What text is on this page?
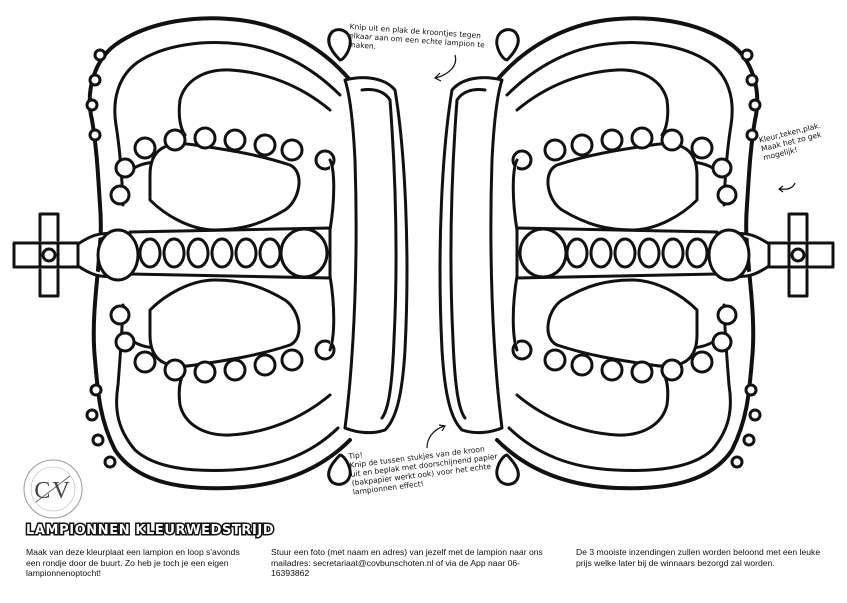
Knip uit en plak de kroontjes tegen
elkaar aan om een echte lampion te
maken.
Kleur,teken,plak.
Maak het zo gek
mogelijk!
Tip!
Knip de tussen stukjes van de kroon
uit en beplak met doorschijnend papier
(bakpapier werkt ook) voor het echte
lampionnen effect!
CV
LAMPIONNEN KLEURWEDSTRIJD
Maak van deze kleurplaat een lampion en loop s'avonds een rondje door de buurt. Zo heb je toch je een eigen lampionnenoptocht!
Stuur een foto (met naam en adres) van jezelf met de lampion naar ons mailadres: secretariaat@covbunschoten.nl of via de App naar 06-16393862
De 3 mooiste inzendingen zullen worden beloond met een leuke prijs welke later bij de winnaars bezorgd zal worden.
